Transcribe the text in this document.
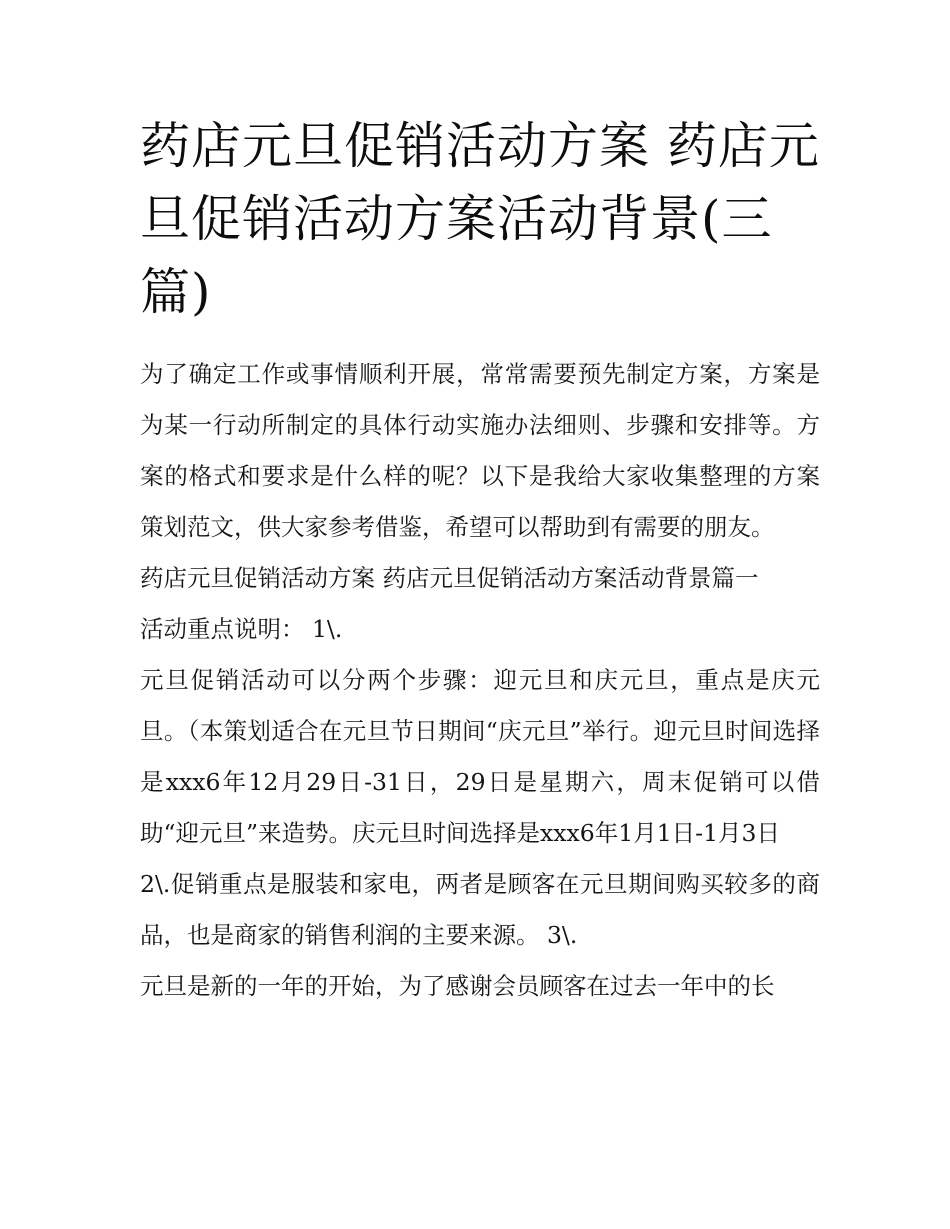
药店元旦促销活动方案 药店元旦促销活动方案活动背景(三篇)

为了确定工作或事情顺利开展，常常需要预先制定方案，方案是为某一行动所制定的具体行动实施办法细则、步骤和安排等。方案的格式和要求是什么样的呢？以下是我给大家收集整理的方案策划范文，供大家参考借鉴，希望可以帮助到有需要的朋友。

药店元旦促销活动方案 药店元旦促销活动方案活动背景篇一

活动重点说明： 1\.

元旦促销活动可以分两个步骤：迎元旦和庆元旦，重点是庆元旦。（本策划适合在元旦节日期间“庆元旦”举行。迎元旦时间选择是xxx6年12月29日-31日，29日是星期六，周末促销可以借助“迎元旦”来造势。庆元旦时间选择是xxx6年1月1日-1月3日

2\.促销重点是服装和家电，两者是顾客在元旦期间购买较多的商品，也是商家的销售利润的主要来源。 3\.

元旦是新的一年的开始，为了感谢会员顾客在过去一年中的长
